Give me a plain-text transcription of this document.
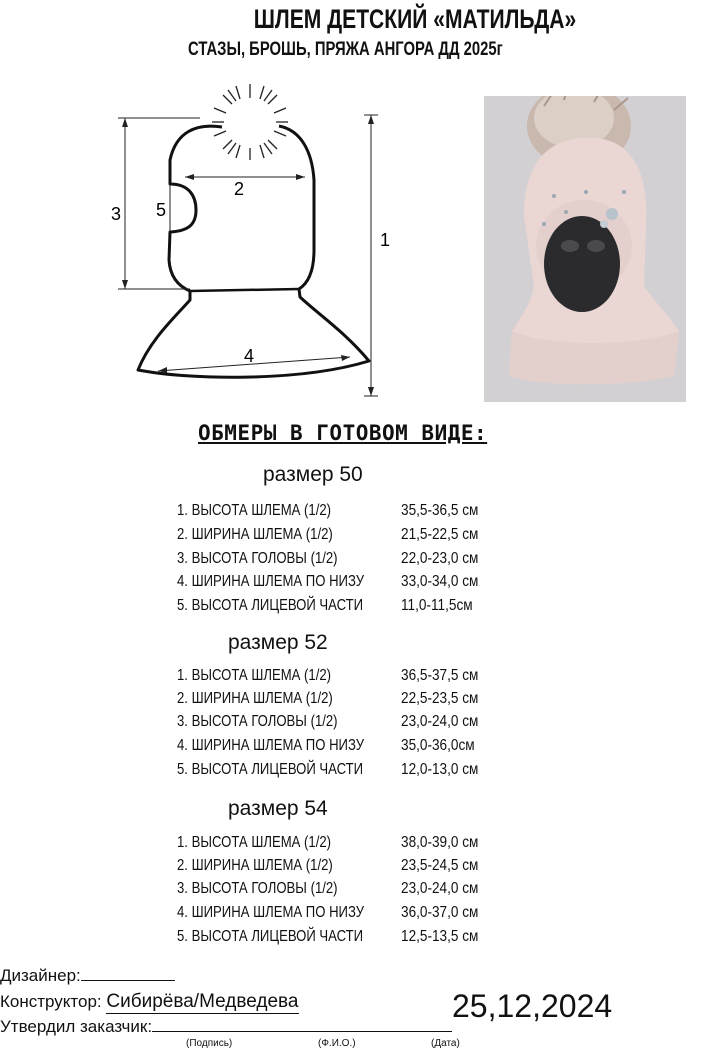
ШЛЕМ ДЕТСКИЙ «МАТИЛЬДА»
СТАЗЫ, БРОШЬ, ПРЯЖА АНГОРА ДД 2025г
1
2
3
4
5
ОБМЕРЫ В ГОТОВОМ ВИДЕ:
размер 50
1. ВЫСОТА ШЛЕМА (1/2)	35,5-36,5 см
2. ШИРИНА ШЛЕМА (1/2)	21,5-22,5 см
3. ВЫСОТА ГОЛОВЫ (1/2)	22,0-23,0 см
4. ШИРИНА ШЛЕМА ПО НИЗУ 33,0-34,0 см
5. ВЫСОТА ЛИЦЕВОЙ ЧАСТИ 11,0-11,5см
размер 52
1. ВЫСОТА ШЛЕМА (1/2)	36,5-37,5 см
2. ШИРИНА ШЛЕМА (1/2)	22,5-23,5 см
3. ВЫСОТА ГОЛОВЫ (1/2)	23,0-24,0 см
4. ШИРИНА ШЛЕМА ПО НИЗУ 35,0-36,0см
5. ВЫСОТА ЛИЦЕВОЙ ЧАСТИ 12,0-13,0 см
размер 54
1. ВЫСОТА ШЛЕМА (1/2)	38,0-39,0 см
2. ШИРИНА ШЛЕМА (1/2)	23,5-24,5 см
3. ВЫСОТА ГОЛОВЫ (1/2)	23,0-24,0 см
4. ШИРИНА ШЛЕМА ПО НИЗУ 36,0-37,0 см
5. ВЫСОТА ЛИЦЕВОЙ ЧАСТИ 12,5-13,5 см
Дизайнер:
Конструктор: Сибирёва/Медведева
Утвердил заказчик:
(Подпись)	(Ф.И.О.)	(Дата)
25,12,2024
